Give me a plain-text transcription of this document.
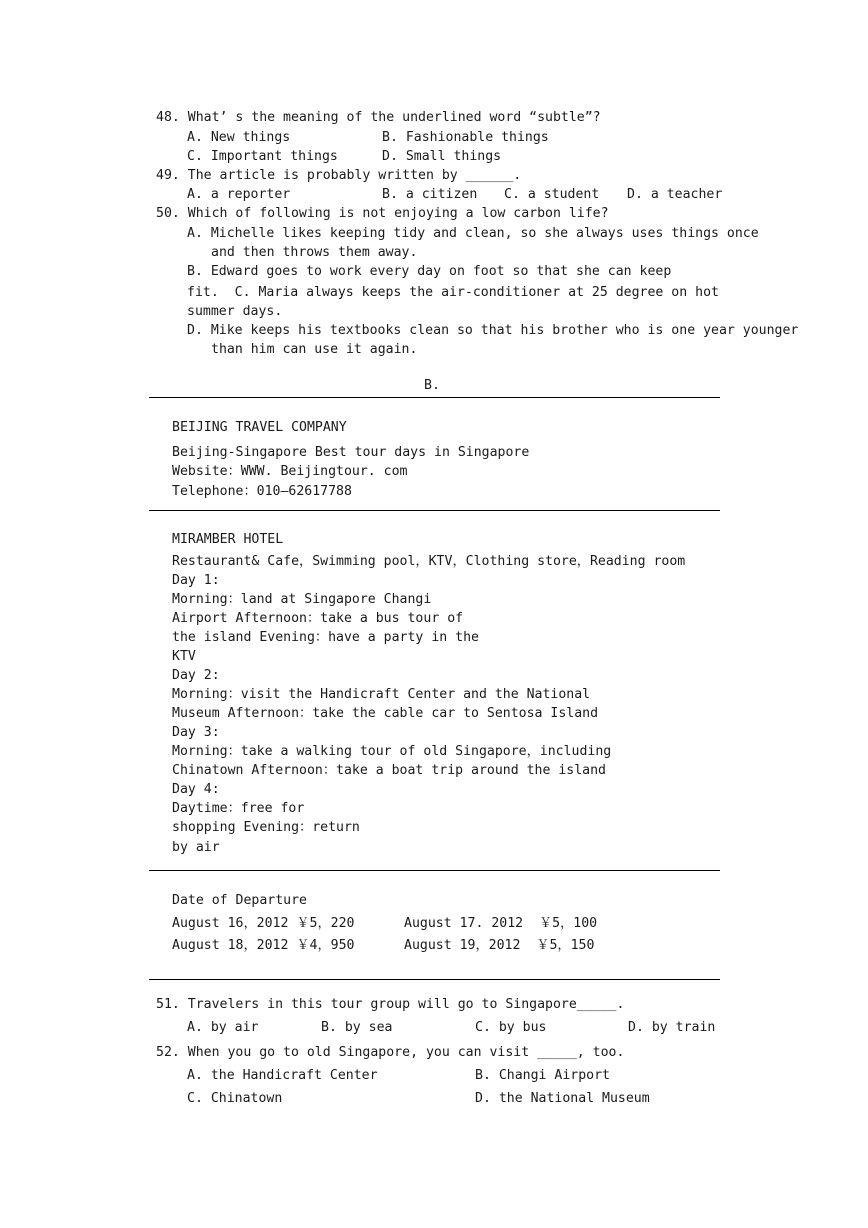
48. What’ s the meaning of the underlined word “subtle”?
A. New things	B. Fashionable things
C. Important things	D. Small things
49. The article is probably written by ______.
A. a reporter	B. a citizen C. a student D. a teacher
50. Which of following is not enjoying a low carbon life?
A. Michelle likes keeping tidy and clean, so she always uses things once
and then throws them away.
B. Edward goes to work every day on foot so that she can keep
fit.  C. Maria always keeps the air-conditioner at 25 degree on hot
summer days.
D. Mike keeps his textbooks clean so that his brother who is one year younger
than him can use it again.
B.
BEIJING TRAVEL COMPANY
Beijing-Singapore Best tour days in Singapore
Website：WWW. Beijingtour. com
Telephone：010—62617788
MIRAMBER HOTEL
Restaurant& Cafe，Swimming pool，KTV，Clothing store，Reading room
Day 1:
Morning：land at Singapore Changi
Airport Afternoon：take a bus tour of
the island Evening：have a party in the
KTV
Day 2:
Morning：visit the Handicraft Center and the National
Museum Afternoon：take the cable car to Sentosa Island
Day 3:
Morning：take a walking tour of old Singapore，including
Chinatown Afternoon：take a boat trip around the island
Day 4:
Daytime：free for
shopping Evening：return
by air
Date of Departure
August 16，2012 ￥5，220	August 17. 2012  ￥5，100
August 18，2012 ￥4，950	August 19，2012  ￥5，150
51. Travelers in this tour group will go to Singapore_____.
A. by air	B. by sea	C. by bus	D. by train
52. When you go to old Singapore, you can visit _____, too.
A. the Handicraft Center	B. Changi Airport
C. Chinatown	D. the National Museum
